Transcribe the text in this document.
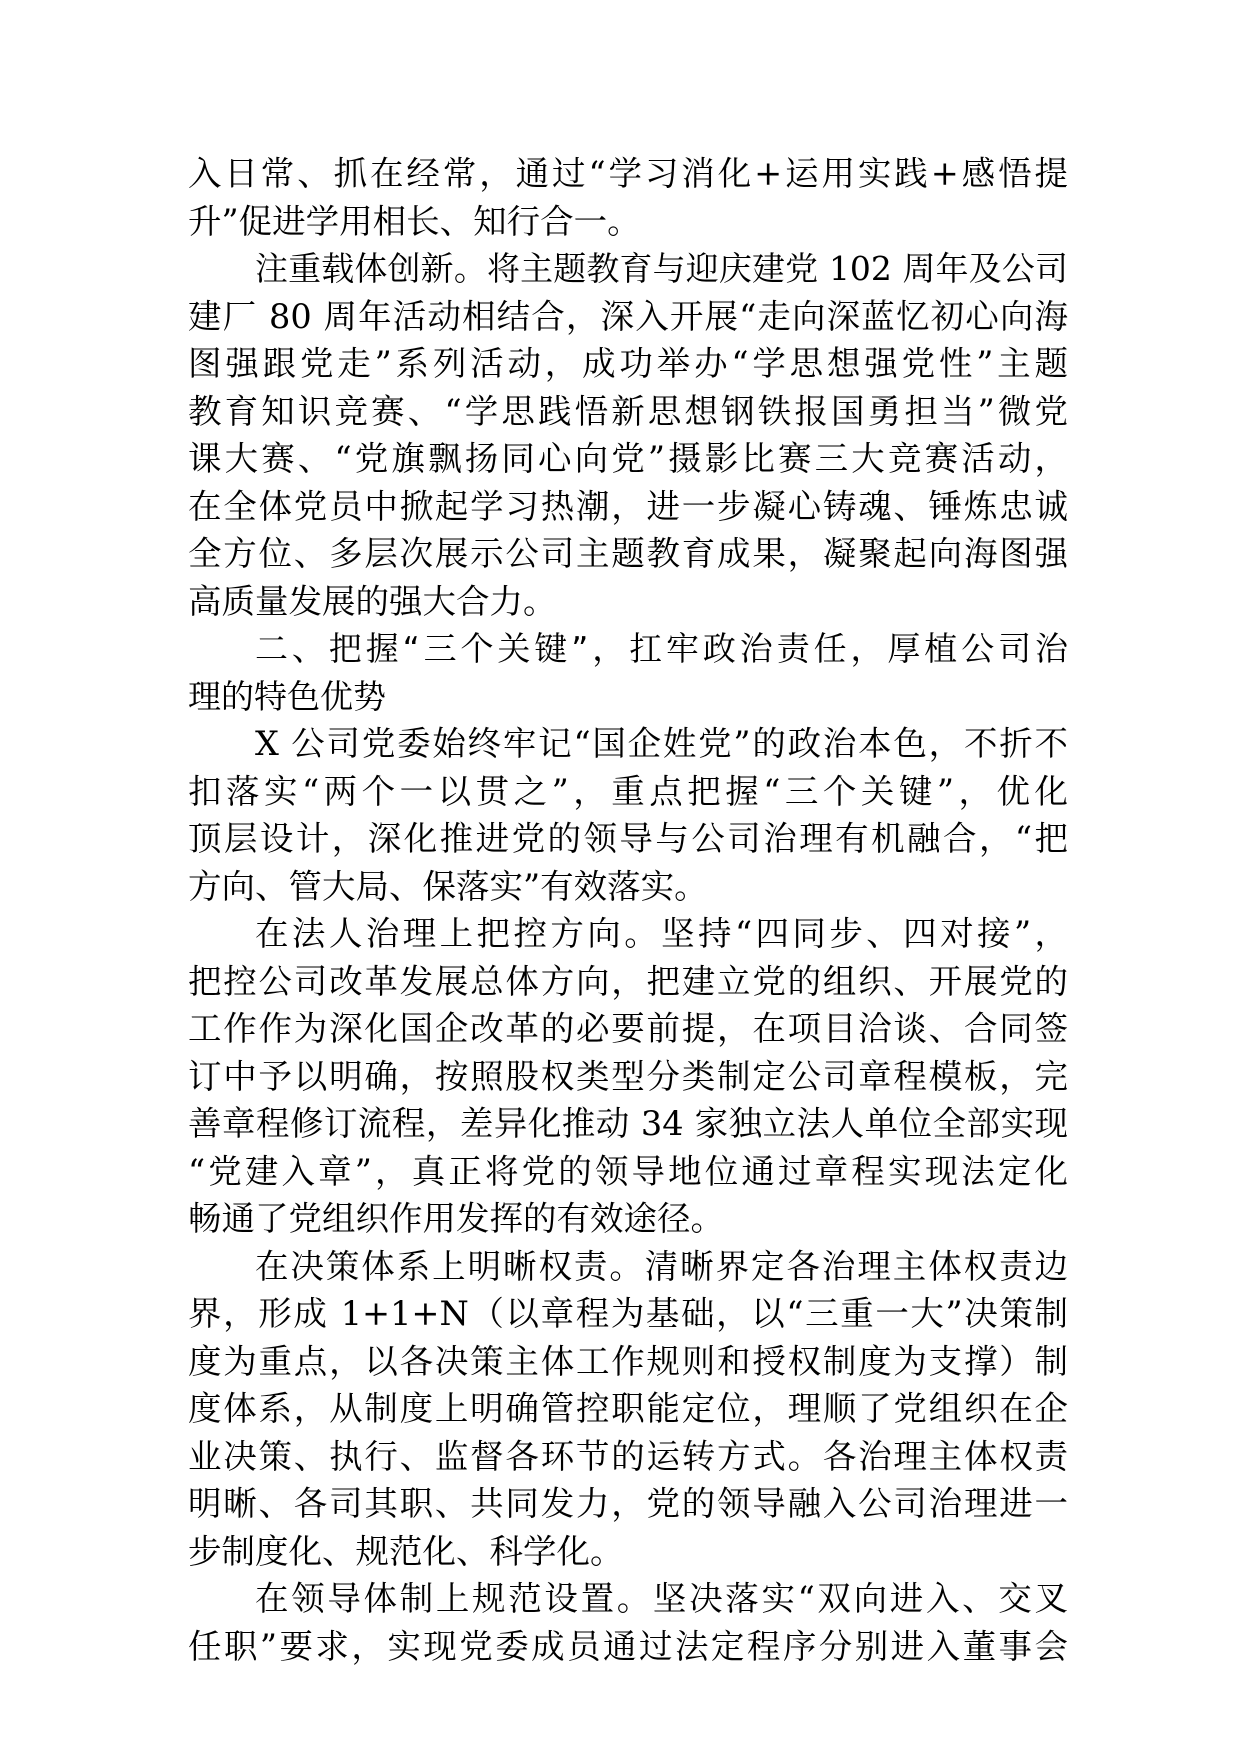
入日常、抓在经常，通过“学习消化+运用实践+感悟提
升”促进学用相长、知行合一。
注重载体创新。将主题教育与迎庆建党 102 周年及公司
建厂 80 周年活动相结合，深入开展“走向深蓝忆初心向海
图强跟党走”系列活动，成功举办“学思想强党性”主题
教育知识竞赛、“学思践悟新思想钢铁报国勇担当”微党
课大赛、“党旗飘扬同心向党”摄影比赛三大竞赛活动，
在全体党员中掀起学习热潮，进一步凝心铸魂、锤炼忠诚
全方位、多层次展示公司主题教育成果，凝聚起向海图强
高质量发展的强大合力。
二、把握“三个关键”，扛牢政治责任，厚植公司治
理的特色优势
X 公司党委始终牢记“国企姓党”的政治本色，不折不
扣落实“两个一以贯之”，重点把握“三个关键”，优化
顶层设计，深化推进党的领导与公司治理有机融合，“把
方向、管大局、保落实”有效落实。
在法人治理上把控方向。坚持“四同步、四对接”，
把控公司改革发展总体方向，把建立党的组织、开展党的
工作作为深化国企改革的必要前提，在项目洽谈、合同签
订中予以明确，按照股权类型分类制定公司章程模板，完
善章程修订流程，差异化推动 34 家独立法人单位全部实现
“党建入章”，真正将党的领导地位通过章程实现法定化
畅通了党组织作用发挥的有效途径。
在决策体系上明晰权责。清晰界定各治理主体权责边
界，形成 1+1+N（以章程为基础，以“三重一大”决策制
度为重点，以各决策主体工作规则和授权制度为支撑）制
度体系，从制度上明确管控职能定位，理顺了党组织在企
业决策、执行、监督各环节的运转方式。各治理主体权责
明晰、各司其职、共同发力，党的领导融入公司治理进一
步制度化、规范化、科学化。
在领导体制上规范设置。坚决落实“双向进入、交叉
任职”要求，实现党委成员通过法定程序分别进入董事会
